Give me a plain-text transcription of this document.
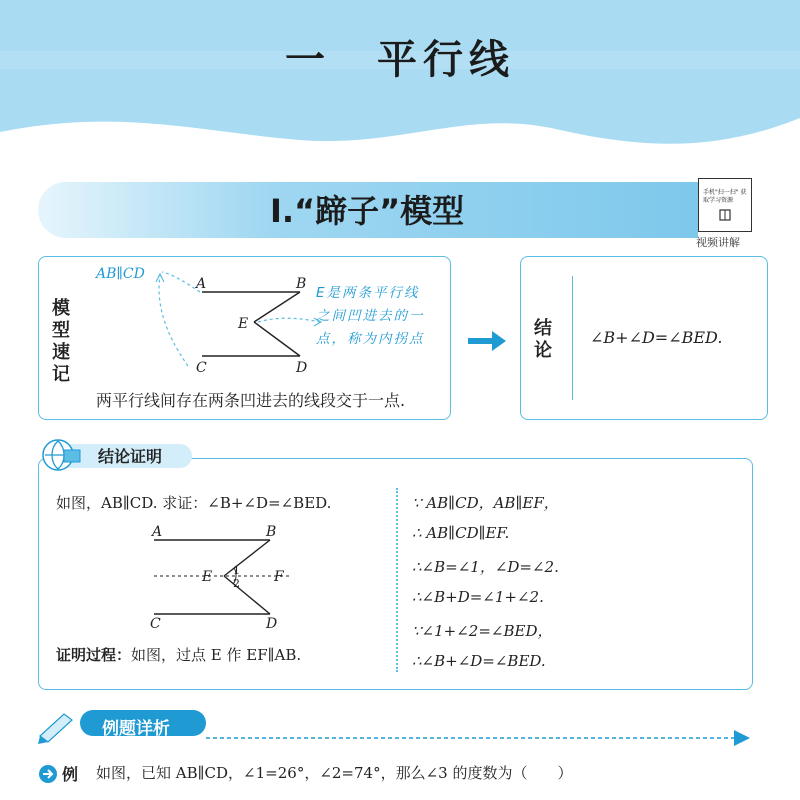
一　平行线
Ⅰ.“蹄子”模型	手机"扫一扫" 获取学习资源
视频讲解
模型速记
AB∥CD
A	B
C	D
E
E是两条平行线之间凹进去的一点，称为内拐点
两平行线间存在两条凹进去的线段交于一点.
结论
∠B+∠D=∠BED.
结论证明
如图，AB∥CD. 求证：∠B+∠D=∠BED.
A	B
C	D
E	F
1
2
证明过程：如图，过点 E 作 EF∥AB.
∵ AB∥CD，AB∥EF，
∴ AB∥CD∥EF.
∴∠B=∠1，∠D=∠2.
∴∠B+D=∠1+∠2.
∵∠1+∠2=∠BED，
∴∠B+∠D=∠BED.
例题详析
例 如图，已知 AB∥CD，∠1=26°，∠2=74°，那么∠3 的度数为（　　）
